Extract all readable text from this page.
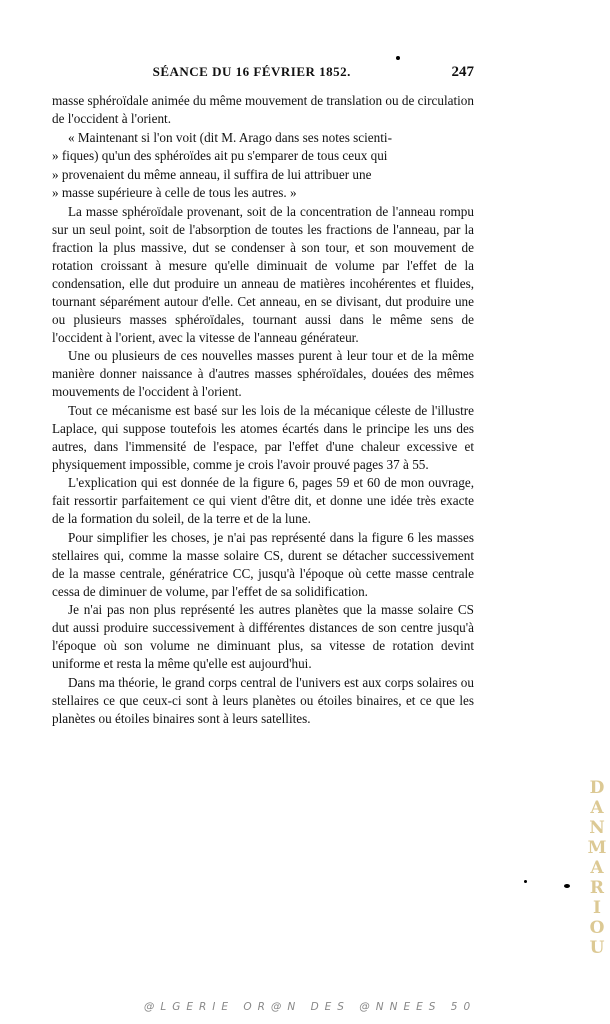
SÉANCE DU 16 FÉVRIER 1852.	247

masse sphéroïdale animée du même mouvement de translation ou de circulation de l'occident à l'orient.

« Maintenant si l'on voit (dit M. Arago dans ses notes scienti-

» fiques) qu'un des sphéroïdes ait pu s'emparer de tous ceux qui

» provenaient du même anneau, il suffira de lui attribuer une

» masse supérieure à celle de tous les autres. »

La masse sphéroïdale provenant, soit de la concentration de l'anneau rompu sur un seul point, soit de l'absorption de toutes les fractions de l'anneau, par la fraction la plus massive, dut se condenser à son tour, et son mouvement de rotation croissant à mesure qu'elle diminuait de volume par l'effet de la condensation, elle dut produire un anneau de matières incohérentes et fluides, tournant séparément autour d'elle. Cet anneau, en se divisant, dut produire une ou plusieurs masses sphéroïdales, tournant aussi dans le même sens de l'occident à l'orient, avec la vitesse de l'anneau générateur.

Une ou plusieurs de ces nouvelles masses purent à leur tour et de la même manière donner naissance à d'autres masses sphéroïdales, douées des mêmes mouvements de l'occident à l'orient.

Tout ce mécanisme est basé sur les lois de la mécanique céleste de l'illustre Laplace, qui suppose toutefois les atomes écartés dans le principe les uns des autres, dans l'immensité de l'espace, par l'effet d'une chaleur excessive et physiquement impossible, comme je crois l'avoir prouvé pages 37 à 55.

L'explication qui est donnée de la figure 6, pages 59 et 60 de mon ouvrage, fait ressortir parfaitement ce qui vient d'être dit, et donne une idée très exacte de la formation du soleil, de la terre et de la lune.

Pour simplifier les choses, je n'ai pas représenté dans la figure 6 les masses stellaires qui, comme la masse solaire CS, durent se détacher successivement de la masse centrale, génératrice CC, jusqu'à l'époque où cette masse centrale cessa de diminuer de volume, par l'effet de sa solidification.

Je n'ai pas non plus représenté les autres planètes que la masse solaire CS dut aussi produire successivement à différentes distances de son centre jusqu'à l'époque où son volume ne diminuant plus, sa vitesse de rotation devint uniforme et resta la même qu'elle est aujourd'hui.

Dans ma théorie, le grand corps central de l'univers est aux corps solaires ou stellaires ce que ceux-ci sont à leurs planètes ou étoiles binaires, et ce que les planètes ou étoiles binaires sont à leurs satellites.

DANMARIOU
@LGERIE OR@N DES @NNEES 50
